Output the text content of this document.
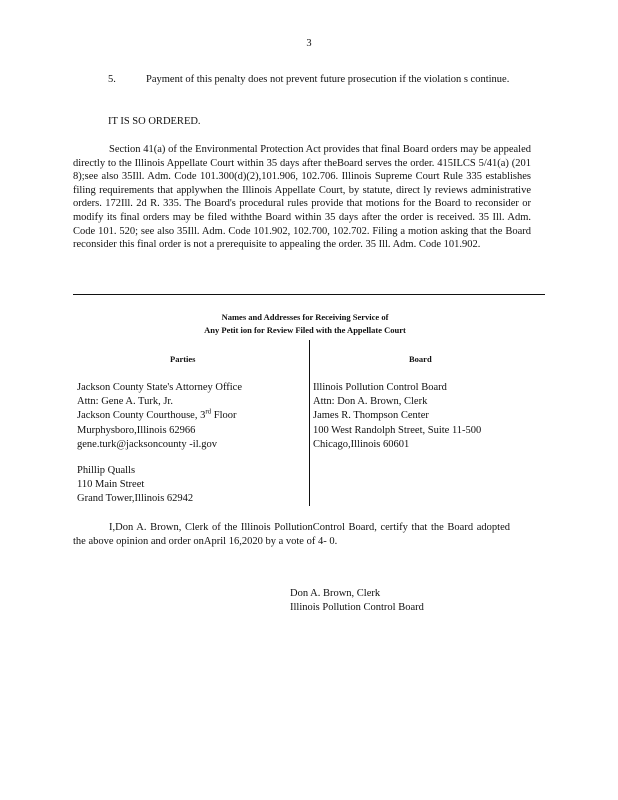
3
5.	Payment of this penalty does not prevent future prosecution if the violation s continue.
IT IS SO ORDERED.
Section 41(a) of the Environmental Protection Act provides that final Board orders may be appealed directly to the Illinois Appellate Court within 35 days after theBoard serves the order. 415ILCS 5/41(a) (201 8);see also 35Ill. Adm. Code 101.300(d)(2),101.906, 102.706. Illinois Supreme Court Rule 335 establishes filing requirements that applywhen the Illinois Appellate Court, by statute, direct ly reviews administrative orders. 172Ill. 2d R. 335. The Board's procedural rules provide that motions for the Board to reconsider or modify its final orders may be filed withthe Board within 35 days after the order is received. 35 Ill. Adm. Code 101. 520; see also 35Ill. Adm. Code 101.902, 102.700, 102.702. Filing a motion asking that the Board reconsider this final order is not a prerequisite to appealing the order. 35 Ill. Adm. Code 101.902.
Names and Addresses for Receiving Service of
Any Petit ion for Review Filed with the Appellate Court
Parties	Board
Jackson County State's Attorney Office
Attn: Gene A. Turk, Jr.
Jackson County Courthouse, 3rd Floor
Murphysboro,Illinois 62966
gene.turk@jacksoncounty -il.gov
Phillip Qualls
110 Main Street
Grand Tower,Illinois 62942
Illinois Pollution Control Board
Attn: Don A. Brown, Clerk
James R. Thompson Center
100 West Randolph Street, Suite 11-500
Chicago,Illinois 60601
I,Don A. Brown, Clerk of the Illinois PollutionControl Board, certify that the Board adopted the above opinion and order onApril 16,2020 by a vote of 4- 0.
Don A. Brown, Clerk
Illinois Pollution Control Board
